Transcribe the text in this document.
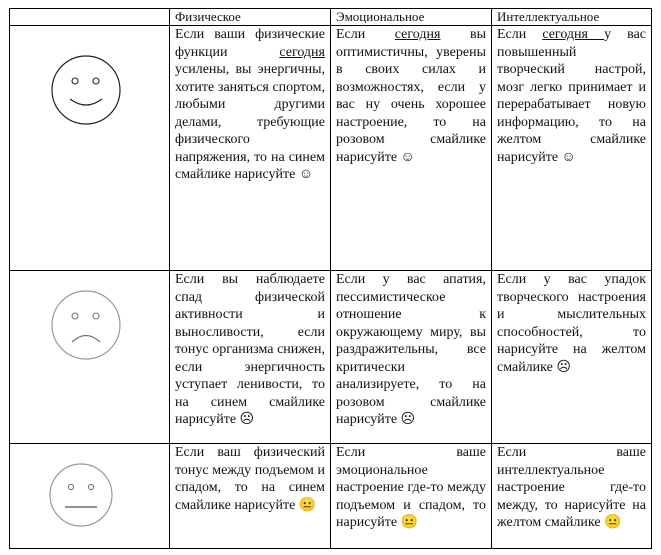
	Физическое	Эмоциональное	Интеллектуальное

	Если ваши физические функции сегодня усилены, вы энергичны, хотите заняться спортом, любыми другими делами, требующие физического напряжения, то на синем смайлике нарисуйте ☺	Если сегодня вы оптимистичны, уверены в своих силах и возможностях, если у вас ну очень хорошее настроение, то на розовом смайлике нарисуйте ☺	Если сегодня у вас повышенный творческий настрой, мозг легко принимает и перерабатывает новую информацию, то на желтом смайлике нарисуйте ☺

	Если вы наблюдаете спад физической активности и выносливости, если тонус организма снижен, если энергичность уступает ленивости, то на синем смайлике нарисуйте ☹	Если у вас апатия, пессимистическое отношение к окружающему миру, вы раздражительны, все критически анализируете, то на розовом смайлике нарисуйте ☹	Если у вас упадок творческого настроения и мыслительных способностей, то нарисуйте на желтом смайлике ☹

	Если ваш физический тонус между подъемом и спадом, то на синем смайлике нарисуйте 😐	Если ваше эмоциональное настроение где-то между подъемом и спадом, то нарисуйте 😐	Если ваше интеллектуальное настроение где-то между, то нарисуйте на желтом смайлике 😐
